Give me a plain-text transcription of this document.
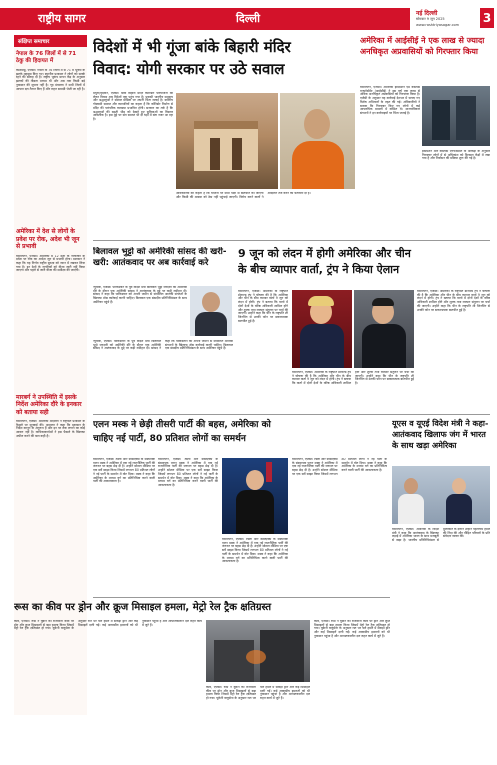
राष्ट्रीय सागर	दिल्ली	नई दिल्ली
सोमवार 9 जून 2025
www.rashtriyasagar.com 3
संक्षिप्त समाचार
नेपाल के 76 जिलों में से 71 ठेकु की हिदायत में
काठमांडू, एजेंसी। नेपाल के 76 जिलों में से 71 में भूकंप के झटके महसूस किए गए। स्थानीय प्रशासन ने लोगों को सतर्क रहने की सलाह दी है। राष्ट्रीय भूकंप मापन केंद्र के अनुसार झटकों की तीव्रता मध्यम थी और अब तक किसी बड़े नुकसान की सूचना नहीं है। गृह मंत्रालय ने सभी जिलों में आपात दल तैनात किए हैं और राहत सामग्री भेजी जा रही है।
अमेरिका में देश से लोगों के प्रवेश पर रोक, अदेश भी जून से प्रभावी
वाशिंगटन, एजेंसी। अमेरिका में 12 देशों के नागरिकों के प्रवेश पर रोक का आदेश जून से प्रभावी होगा। प्रशासन ने कहा कि यह निर्णय राष्ट्रीय सुरक्षा को ध्यान में रखकर लिया गया है। इन देशों के नागरिकों को वीजा जारी नहीं किया जाएगा और पहले से जारी वीजा की समीक्षा की जाएगी।
मारबर्ग ने उपस्थिति में इसके निर्देश अमेरिका दौरे के इनकार को बताया सही
वाशिंगटन, एजेंसी। अमेरिकी अदालत ने राष्ट्रपति प्रशासन के फैसले पर सुनवाई की। अदालत ने कहा कि प्रशासन के निर्देश कानून के अनुरूप हैं और इन पर रोक लगाने का कोई आधार नहीं है। याचिकाकर्ताओं ने इस फैसले के खिलाफ अपील करने की बात कही है।
विदेशों में भी गूंजा बांके बिहारी मंदिर
विवाद: योगी सरकार पर उठे सवाल
मथुरा/वृंदावन, एजेंसी। बांके बिहारी मंदिर कॉरिडोर परियोजना को लेकर विवाद अब विदेशों तक पहुंच गया है। प्रवासी भारतीय समुदाय और श्रद्धालुओं ने सोशल मीडिया पर अपनी चिंता जताई है। स्थानीय गोस्वामी समाज और व्यापारियों का कहना है कि कॉरिडोर निर्माण से मंदिर की पारंपरिक व्यवस्था प्रभावित होगी। सरकार का तर्क है कि श्रद्धालुओं की बढ़ती भीड़ को देखते हुए सुविधाओं का विस्तार आवश्यक है। इस मुद्दे पर संत समाज भी दो धड़ों में बंटा नजर आ रहा है।
अधिकारियों का कहना है कि योजना पर सभी पक्षों से बातचीत की जाएगी और किसी की आस्था को ठेस नहीं पहुंचाई जाएगी। विरोध करने वालों ने आंदोलन तेज करने की चेतावनी दी है।
अमेरिका में आईसीई ने एक लाख से ज्यादा अनधिकृत अप्रवासियों को गिरफ्तार किया
वाशिंगटन, एजेंसी। अमेरिकी इमिग्रेशन एंड कस्टम्स एनफोर्समेंट (आईसीई) ने इस वर्ष एक लाख से अधिक अनधिकृत अप्रवासियों को गिरफ्तार किया है। एजेंसी के अनुसार यह कार्रवाई देशभर में चलाए गए विशेष अभियानों के तहत की गई। अधिकारियों ने बताया कि गिरफ्तार किए गए लोगों में कई आपराधिक मामलों में वांछित थे। मानवाधिकार संगठनों ने इन कार्रवाइयों पर चिंता जताई है।
इमिग्रेशन और कस्टम्स एनफोर्समेंट के आंकड़ों के अनुसार गिरफ्तार लोगों में से अधिकांश को हिरासत केंद्रों में रखा गया है और निर्वासन की प्रक्रिया शुरू की गई है।
बिलावल भुट्टो को अमेरिकी सांसद की खरी-खरी: आतंकवाद पर अब कार्रवाई करे
न्यूयॉर्क, एजेंसी। पाकिस्तान के पूर्व विदेश मंत्री बिलावल भुट्टो जरदारी को अमेरिकी दौरे के दौरान एक अमेरिकी सांसद ने आतंकवाद के मुद्दे पर कड़ी नसीहत दी। सांसद ने कहा कि पाकिस्तान को अपनी जमीन से संचालित आतंकी संगठनों के खिलाफ ठोस कार्रवाई करनी चाहिए। बिलावल एक संसदीय प्रतिनिधिमंडल के साथ अमेरिका पहुंचे हैं।
न्यूयॉर्क, एजेंसी। पाकिस्तान के पूर्व विदेश मंत्री बिलावल भुट्टो जरदारी को अमेरिकी दौरे के दौरान एक अमेरिकी सांसद ने आतंकवाद के मुद्दे पर कड़ी नसीहत दी। सांसद ने कहा कि पाकिस्तान को अपनी जमीन से संचालित आतंकी संगठनों के खिलाफ ठोस कार्रवाई करनी चाहिए। बिलावल एक संसदीय प्रतिनिधिमंडल के साथ अमेरिका पहुंचे हैं।
9 जून को लंदन में होगी अमेरिका और चीन
के बीच व्यापार वार्ता, ट्रंप ने किया ऐलान
वाशिंगटन, एजेंसी। अमेरिका के राष्ट्रपति डोनाल्ड ट्रंप ने घोषणा की है कि अमेरिका और चीन के बीच व्यापार वार्ता 9 जून को लंदन में होगी। ट्रंप ने बताया कि वार्ता में दोनों देशों के वरिष्ठ अधिकारी शामिल होंगे और शुल्क तथा व्यापार संतुलन पर चर्चा की जाएगी। उन्होंने कहा कि चीन के राष्ट्रपति शी जिनपिंग से उनकी फोन पर सकारात्मक बातचीत हुई है।
वाशिंगटन, एजेंसी। अमेरिका के राष्ट्रपति डोनाल्ड ट्रंप ने घोषणा की है कि अमेरिका और चीन के बीच व्यापार वार्ता 9 जून को लंदन में होगी। ट्रंप ने बताया कि वार्ता में दोनों देशों के वरिष्ठ अधिकारी शामिल होंगे और शुल्क तथा व्यापार संतुलन पर चर्चा की जाएगी। उन्होंने कहा कि चीन के राष्ट्रपति शी जिनपिंग से उनकी फोन पर सकारात्मक बातचीत हुई है।
वाशिंगटन, एजेंसी। अमेरिका के राष्ट्रपति डोनाल्ड ट्रंप ने घोषणा की है कि अमेरिका और चीन के बीच व्यापार वार्ता 9 जून को लंदन में होगी। ट्रंप ने बताया कि वार्ता में दोनों देशों के वरिष्ठ अधिकारी शामिल होंगे और शुल्क तथा व्यापार संतुलन पर चर्चा की जाएगी। उन्होंने कहा कि चीन के राष्ट्रपति शी जिनपिंग से उनकी फोन पर सकारात्मक बातचीत हुई है।
एलन मस्क ने छेड़ी तीसरी पार्टी की बहस, अमेरिका को
चाहिए नई पार्टी, 80 प्रतिशत लोगों का समर्थन
वाशिंगटन, एजेंसी। टेस्ला और स्पेसएक्स के संस्थापक एलन मस्क ने अमेरिका में एक नई राजनीतिक पार्टी की जरूरत पर बहस छेड़ दी है। उन्होंने सोशल मीडिया पर एक सर्वे साझा किया जिसमें लगभग 80 प्रतिशत लोगों ने नई पार्टी के समर्थन में वोट दिया। मस्क ने कहा कि अमेरिका के मध्यम वर्ग का प्रतिनिधित्व करने वाली पार्टी की आवश्यकता है।
वाशिंगटन, एजेंसी। टेस्ला और स्पेसएक्स के संस्थापक एलन मस्क ने अमेरिका में एक नई राजनीतिक पार्टी की जरूरत पर बहस छेड़ दी है। उन्होंने सोशल मीडिया पर एक सर्वे साझा किया जिसमें लगभग 80 प्रतिशत लोगों ने नई पार्टी के समर्थन में वोट दिया। मस्क ने कहा कि अमेरिका के मध्यम वर्ग का प्रतिनिधित्व करने वाली पार्टी की आवश्यकता है।
वाशिंगटन, एजेंसी। टेस्ला और स्पेसएक्स के संस्थापक एलन मस्क ने अमेरिका में एक नई राजनीतिक पार्टी की जरूरत पर बहस छेड़ दी है। उन्होंने सोशल मीडिया पर एक सर्वे साझा किया जिसमें लगभग 80 प्रतिशत लोगों ने नई पार्टी के समर्थन में वोट दिया। मस्क ने कहा कि अमेरिका के मध्यम वर्ग का प्रतिनिधित्व करने वाली पार्टी की आवश्यकता है।
वाशिंगटन, एजेंसी। टेस्ला और स्पेसएक्स के संस्थापक एलन मस्क ने अमेरिका में एक नई राजनीतिक पार्टी की जरूरत पर बहस छेड़ दी है। उन्होंने सोशल मीडिया पर एक सर्वे साझा किया जिसमें लगभग 80 प्रतिशत लोगों ने नई पार्टी के समर्थन में वोट दिया। मस्क ने कहा कि अमेरिका के मध्यम वर्ग का प्रतिनिधित्व करने वाली पार्टी की आवश्यकता है।
यूएस व यूएई विदेश मंत्री ने कहा- आतंकवाद खिलाफ जंग में भारत के साथ खड़ा अमेरिका
वाशिंगटन, एजेंसी। अमेरिका के विदेश मंत्री ने कहा कि आतंकवाद के खिलाफ लड़ाई में अमेरिका भारत के साथ मजबूती से खड़ा है। भारतीय प्रतिनिधिमंडल से मुलाकात के दौरान उन्होंने पहलगाम हमले की निंदा की और पीड़ित परिवारों के प्रति संवेदना व्यक्त की।
रूस का कीव पर ड्रोन और क्रूज मिसाइल हमला, मेट्रो रेल ट्रैक क्षतिग्रस्त
कीव, एजेंसी। रूस ने यूक्रेन की राजधानी कीव पर ड्रोन और क्रूज मिसाइलों से बड़ा हमला किया जिसमें मेट्रो रेल ट्रैक क्षतिग्रस्त हो गया। यूक्रेनी वायुसेना के अनुसार रात भर चले हमले में सैकड़ों ड्रोन और कई मिसाइलें दागी गईं। कई आवासीय इमारतों को भी नुकसान पहुंचा है और आपातकालीन दल राहत कार्य में जुटे हैं।
कीव, एजेंसी। रूस ने यूक्रेन की राजधानी कीव पर ड्रोन और क्रूज मिसाइलों से बड़ा हमला किया जिसमें मेट्रो रेल ट्रैक क्षतिग्रस्त हो गया। यूक्रेनी वायुसेना के अनुसार रात भर चले हमले में सैकड़ों ड्रोन और कई मिसाइलें दागी गईं। कई आवासीय इमारतों को भी नुकसान पहुंचा है और आपातकालीन दल राहत कार्य में जुटे हैं।
कीव, एजेंसी। रूस ने यूक्रेन की राजधानी कीव पर ड्रोन और क्रूज मिसाइलों से बड़ा हमला किया जिसमें मेट्रो रेल ट्रैक क्षतिग्रस्त हो गया। यूक्रेनी वायुसेना के अनुसार रात भर चले हमले में सैकड़ों ड्रोन और कई मिसाइलें दागी गईं। कई आवासीय इमारतों को भी नुकसान पहुंचा है और आपातकालीन दल राहत कार्य में जुटे हैं।
